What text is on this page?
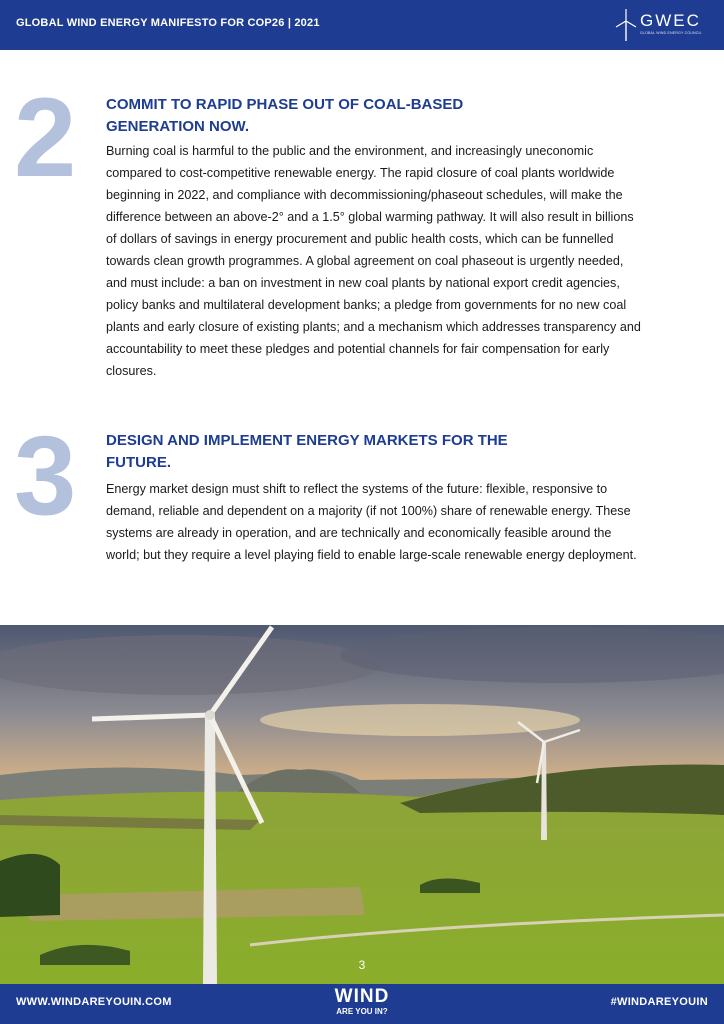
GLOBAL WIND ENERGY MANIFESTO FOR COP26 | 2021	GWEC
GLOBAL WIND ENERGY COUNCIL
2 COMMIT TO RAPID PHASE OUT OF COAL-BASED
GENERATION NOW.
Burning coal is harmful to the public and the environment, and increasingly uneconomic compared to cost-competitive renewable energy. The rapid closure of coal plants worldwide beginning in 2022, and compliance with decommissioning/phaseout schedules, will make the difference between an above-2° and a 1.5° global warming pathway. It will also result in billions of dollars of savings in energy procurement and public health costs, which can be funnelled towards clean growth programmes. A global agreement on coal phaseout is urgently needed, and must include: a ban on investment in new coal plants by national export credit agencies, policy banks and multilateral development banks; a pledge from governments for no new coal plants and early closure of existing plants; and a mechanism which addresses transparency and accountability to meet these pledges and potential channels for fair compensation for early closures.
3 DESIGN AND IMPLEMENT ENERGY MARKETS FOR THE
FUTURE.
Energy market design must shift to reflect the systems of the future: flexible, responsive to demand, reliable and dependent on a majority (if not 100%) share of renewable energy. These systems are already in operation, and are technically and economically feasible around the world; but they require a level playing field to enable large-scale renewable energy deployment.
3
WWW.WINDAREYOUIN.COM	WIND
ARE YOU IN?
#WINDAREYOUIN
